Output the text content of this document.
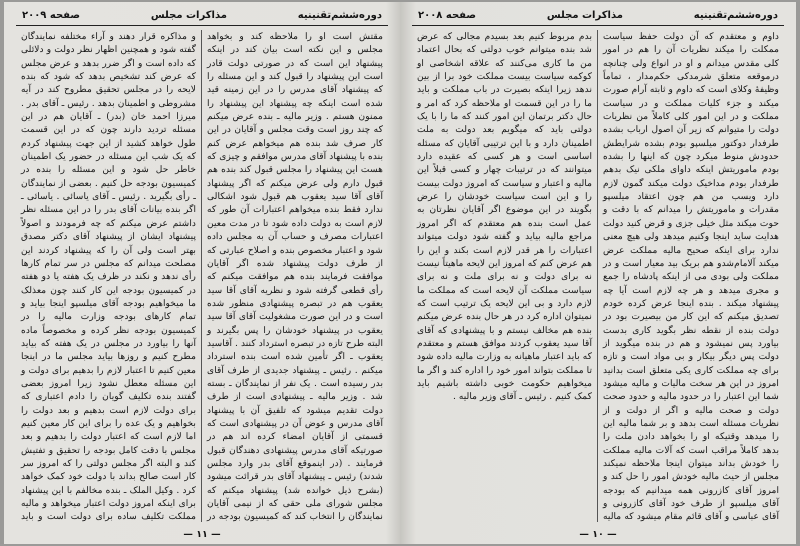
دوره‌ششم‌تقنینیه
مذاکرات مجلس
صفحه ۲۰۰۸

داوم و معتقدم که آن دولت حفظ سیاست ممکلت را میکند نظریات آن را هم در امور کلی مقدس میدانم و او در انواع ولی چنانچه درموقعه متعلق شرمدکی حکم‌مدار ، تماماً وظیفهٔ وکلای است که داوم و ثابته آرام صورت میکند و جزء کلیات مملکت و در سیاست مملکت و در این امور کلی کاملاً من نظریات دولت را متیوانم که زیر آن اصول ارباب بشده طرفدار دوکتور میلسپو بودم بشده شرایطش حدودش منوط میکرد چون که اینها را بشده بودم ماموریتش اینکه داوای ملکی نیک بدهم طرفدار بودم مداخیک دولت میکند گمون لازم دارد ویسب من هم چون اعتقاد میلسپو مقدرات و ماموریتش را میدانم که با دقت و حوت میکند مثل خیلی جزی و قرض کنید دولت هدایت ساید اینجا وکنیم میدهد ولی هیچ معنی ندارد برای اینکه صحیح مالیه مملکت عرض میکند آلامام‌شدو هم بریک بید معیار است و در مملکت ولی بودی می از اینکه پادشاه را جمع و مجری میدهد و هر چه لازم است آیا چه پیشنهاد میکند . بنده اینجا عرض کرده خودم تصدیق میکنم که این کار من بیصیرت بود در دولت بنده از نقطه نظر بگوید کاری بدست بیاورد پس نمیشود و هم در بنده میگوید از دولت پس دیگر بیکار و بی مواد است و تازه برای چه مملکت کاری یکی متعلق است بدانید امروز در این هر سخت مالیات و مالیه میشود شما این اعتبار را در حدود مالیه و حدود صحت دولت و صحت مالیه و اگر از دولت و از نظریات مسئله است بدهد و بر شما مالیه این را میدهد وقتیکه او را بخواهد دادن ملت را بدهد کاملاً مراقب است که آلات مالیه مملکت را خودش بداند میتوان اینجا ملاحظه نمیکند مجلس از حیث مالیه خودش امور را حل کند و امروز آقای کازرونی همه میدانیم که بودجه آقای میلسپو از طرف خود آقای کازرونی و آقای عباسی و آقای قائم مقام میشود که مالیه

بدم مربوط کنیم بعد بسیدم مجالی که عرض شد بنده میتوانم خوب دولتی که بحال اعتماد من ما کاری می‌کنند که علاقه اشخاصی او کوکمه سیاست بیست مملکت خود برا از بین ندهد زیرا اینکه بصیرت در باب مملکت و باید ما را در این قسمت او ملاحظه کرد که امر و حال دکتر برتمان این امور کنند که ما را با یک دولتی باید که میگویم بعد دولت به ملت اطمینان دارد و با این ترتیبی آقایان که مسئله اساسی است و هر کسی که عقیده دارد میتوانند که در ترتیبات چهار و کسی قبلاً این مالیه و اعتبار و سیاست که امروز دولت بیست را و این است سیاست خودشان را عرض بگویند در این موضوع اگر آقایان نظرتان به عمل است بنده هم معتقدم که اگر امروز مراجع مالیه بیاید و گفته شود دولت میتواند اعتبارات را هر قدر لازم است بکند و این را هم عرض کنم که امروز این لایحه ماهیتاً نیست نه برای دولت و نه برای ملت و نه برای سیاست مملکت آن لایحه است که مملکت ما لازم دارد و بی این لایحه یک ترتیب است که نمیتوان اداره کرد در هر حال بنده عرض میکنم بنده هم مخالف نیستم و با پیشنهادی که آقای آقا سید یعقوب کردند موافق هستم و معتقدم که باید اعتبار ماهیانه به وزارت مالیه داده شود تا مملکت بتواند امور خود را اداره کند و اگر ما میخواهیم حکومت خوبی داشته باشیم باید کمک کنیم . رئیس ـ آقای وزیر مالیه .

— ۱۰ —
دوره‌ششم‌تقنینیه
مذاکرات مجلس
صفحه ۲۰۰۹

مقتش است او را ملاحظه کند و بخواهد مجلس و این نکته است بیان کند در اینکه پیشنهاد این است که در صورتی دولت قادر است این پیشنهاد را قبول کند و این مسئله را که پیشنهاد آقای مدرس را در این زمینه قید شده است اینکه چه پیشنهاد این پیشنهاد را ممنون هستم . وزیر مالیه ـ بنده عرض میکنم که چند روز است وقت مجلس و آقایان در این کار صرف شد بنده هم میخواهم عرض کنم بنده با پیشنهاد آقای مدرس موافقم و چیزی که هست این پیشنهاد را مجلس قبول کند بنده هم قبول دارم ولی عرض میکنم که اگر پیشنهاد آقای آقا سید یعقوب هم قبول شود اشکالی ندارد فقط بنده میخواهم اعتبارات آن طور که لازم است به دولت داده شود تا در مدت معین اعتبارات مصرف و حساب آن به مجلس داده شود و اعتبار مخصوص بنده و اصلاح عبارتی که از طرف دولت پیشنهاد شده اگر آقایان موافقت فرمایند بنده هم موافقت میکنم که رأی قطعی گرفته شود و نظریه آقای آقا سید یعقوب هم در تبصره پیشنهادی منظور شده است و در این صورت مشغولیت آقای آقا سید یعقوب در پیشنهاد خودشان را پس بگیرند و البته طرح تازه در تبصره استرداد کنند . آقاسید یعقوب ـ اگر تأمین شده است بنده استرداد میکنم . رئیس ـ پیشنهاد جدیدی از طرف آقای بدر رسیده است . یک نفر از نمایندگان ـ بسته شد . وزیر مالیه ـ پیشنهادی است از طرف دولت تقدیم میشود که تلفیق آن با پیشنهاد آقای مدرس و عوض آن در پیشنهادی است که قسمتی از آقایان امضاء کرده اند هم در صورتیکه آقای مدرس پیشنهادی دهندگان قبول فرمایند . (در اینموقع آقای بدر وارد مجلس شدند) رئیس ـ پیشنهاد آقای بدر قرائت میشود (بشرح ذیل خوانده شد) پیشنهاد میکنم که مجلس شورای ملی حقی که از نیمی آقایان نمایندگان را انتخاب کند که کمیسیون بودجه در

و مذاکره قرار دهند و آراء مختلفه نمایندگان گفته شود و همچنین اظهار نظر دولت و دلائلی که داده است و اگر ضرر بدهد و عرض مجلس که عرض کند تشخیص بدهد که شود که بنده لایحه را در مجلس تحقیق مطروح کند در آیه مشروطی و اطمینان بدهد . رئیس ـ آقای بدر . میرزا احمد خان (بدر) ـ آقایان هم در این مسئله تردید دارند چون که در این قسمت طول خواهد کشید از این جهت پیشنهاد کردم که یک شب این مسئله در حضور یک اطمینان خاطر حل شود و این مسئله را بنده در کمیسیون بودجه حل کنیم . بعضی از نمایندگان ـ رأی بگیرید . رئیس ـ آقای یاسائی . یاسائی ـ اگر بنده بیانات آقای بدر را در این مسئله نظر داشتم عرض میکنم که چه فرمودند و اصولاً پیشنهاد ایشان از پیشنهاد آقای دکتر مصدق بهتر است ولی آن را که پیشنهاد کردند این مصلحت میدانم که مجلس در سر تمام کارها رأی ندهد و نکند در ظرف یک هفته یا دو هفته در کمیسیون بودجه این کار کنند چون معذلک ما میخواهیم بودجه آقای میلسپو اینجا بیاید و تمام کارهای بودجه وزارت مالیه را در کمیسیون بودجه نظر کرده و مخصوصاً ماده آنها را بیاورد در مجلس در یک هفته که بیاید مطرح کنیم و روزها بیاید مجلس ما در اینجا معین کنیم تا اعتبار لازم را بدهیم برای دولت و این مسئله معطل نشود زیرا امروز بعضی گفتند بنده تکلیف گویان را دادم اعتباری که برای دولت لازم است بدهیم و بعد دولت را بخواهیم و یک عده را برای این کار معین کنیم اما لازم است که اعتبار دولت را بدهیم و بعد مجلس با دقت کامل بودجه را تحقیق و تفتیش کند و البته اگر مجلس دولتی را که امروز سر کار است صالح بداند با دولت خود کمک خواهد کرد . وکیل الملک ـ بنده مخالفم با این پیشنهاد برای اینکه امروز دولت اعتبار میخواهد و مالیه مملکت تکلیف ساده برای دولت است و باید

— ۱۱ —
